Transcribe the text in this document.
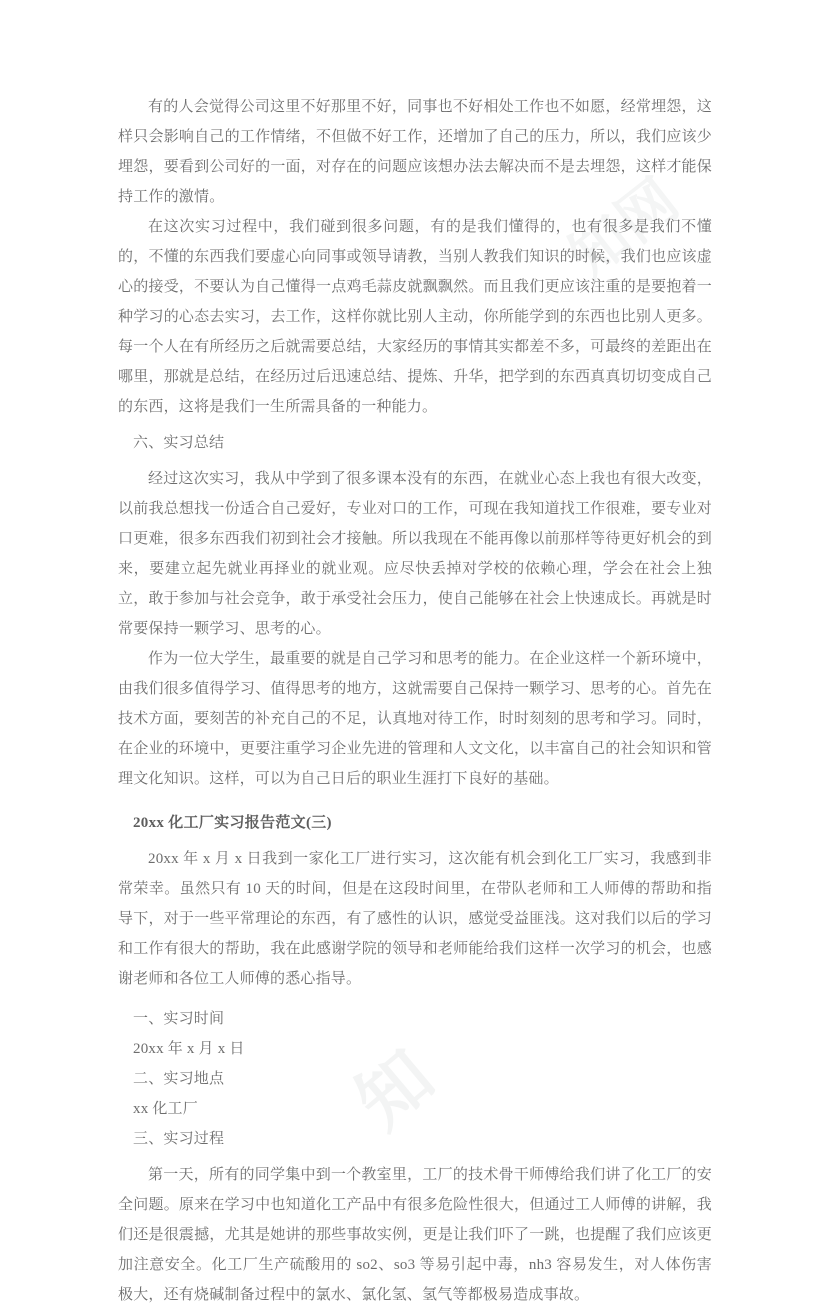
知网
知

有的人会觉得公司这里不好那里不好，同事也不好相处工作也不如愿，经常埋怨，这样只会影响自己的工作情绪，不但做不好工作，还增加了自己的压力，所以，我们应该少埋怨，要看到公司好的一面，对存在的问题应该想办法去解决而不是去埋怨，这样才能保持工作的激情。

在这次实习过程中，我们碰到很多问题，有的是我们懂得的，也有很多是我们不懂的，不懂的东西我们要虚心向同事或领导请教，当别人教我们知识的时候，我们也应该虚心的接受，不要认为自己懂得一点鸡毛蒜皮就飘飘然。而且我们更应该注重的是要抱着一种学习的心态去实习，去工作，这样你就比别人主动，你所能学到的东西也比别人更多。每一个人在有所经历之后就需要总结，大家经历的事情其实都差不多，可最终的差距出在哪里，那就是总结，在经历过后迅速总结、提炼、升华，把学到的东西真真切切变成自己的东西，这将是我们一生所需具备的一种能力。

六、实习总结

经过这次实习，我从中学到了很多课本没有的东西，在就业心态上我也有很大改变，以前我总想找一份适合自己爱好，专业对口的工作，可现在我知道找工作很难，要专业对口更难，很多东西我们初到社会才接触。所以我现在不能再像以前那样等待更好机会的到来，要建立起先就业再择业的就业观。应尽快丢掉对学校的依赖心理，学会在社会上独立，敢于参加与社会竞争，敢于承受社会压力，使自己能够在社会上快速成长。再就是时常要保持一颗学习、思考的心。

作为一位大学生，最重要的就是自己学习和思考的能力。在企业这样一个新环境中，由我们很多值得学习、值得思考的地方，这就需要自己保持一颗学习、思考的心。首先在技术方面，要刻苦的补充自己的不足，认真地对待工作，时时刻刻的思考和学习。同时，在企业的环境中，更要注重学习企业先进的管理和人文文化，以丰富自己的社会知识和管理文化知识。这样，可以为自己日后的职业生涯打下良好的基础。

20xx 化工厂实习报告范文(三)

20xx 年 x 月 x 日我到一家化工厂进行实习，这次能有机会到化工厂实习，我感到非常荣幸。虽然只有 10 天的时间，但是在这段时间里，在带队老师和工人师傅的帮助和指导下，对于一些平常理论的东西，有了感性的认识，感觉受益匪浅。这对我们以后的学习和工作有很大的帮助，我在此感谢学院的领导和老师能给我们这样一次学习的机会，也感谢老师和各位工人师傅的悉心指导。

一、实习时间

20xx 年 x 月 x 日

二、实习地点

xx 化工厂

三、实习过程

第一天，所有的同学集中到一个教室里，工厂的技术骨干师傅给我们讲了化工厂的安全问题。原来在学习中也知道化工产品中有很多危险性很大，但通过工人师傅的讲解，我们还是很震撼，尤其是她讲的那些事故实例，更是让我们吓了一跳，也提醒了我们应该更加注意安全。化工厂生产硫酸用的 so2、so3 等易引起中毒，nh3 容易发生，对人体伤害极大，还有烧碱制备过程中的氯水、氯化氢、氢气等都极易造成事故。
